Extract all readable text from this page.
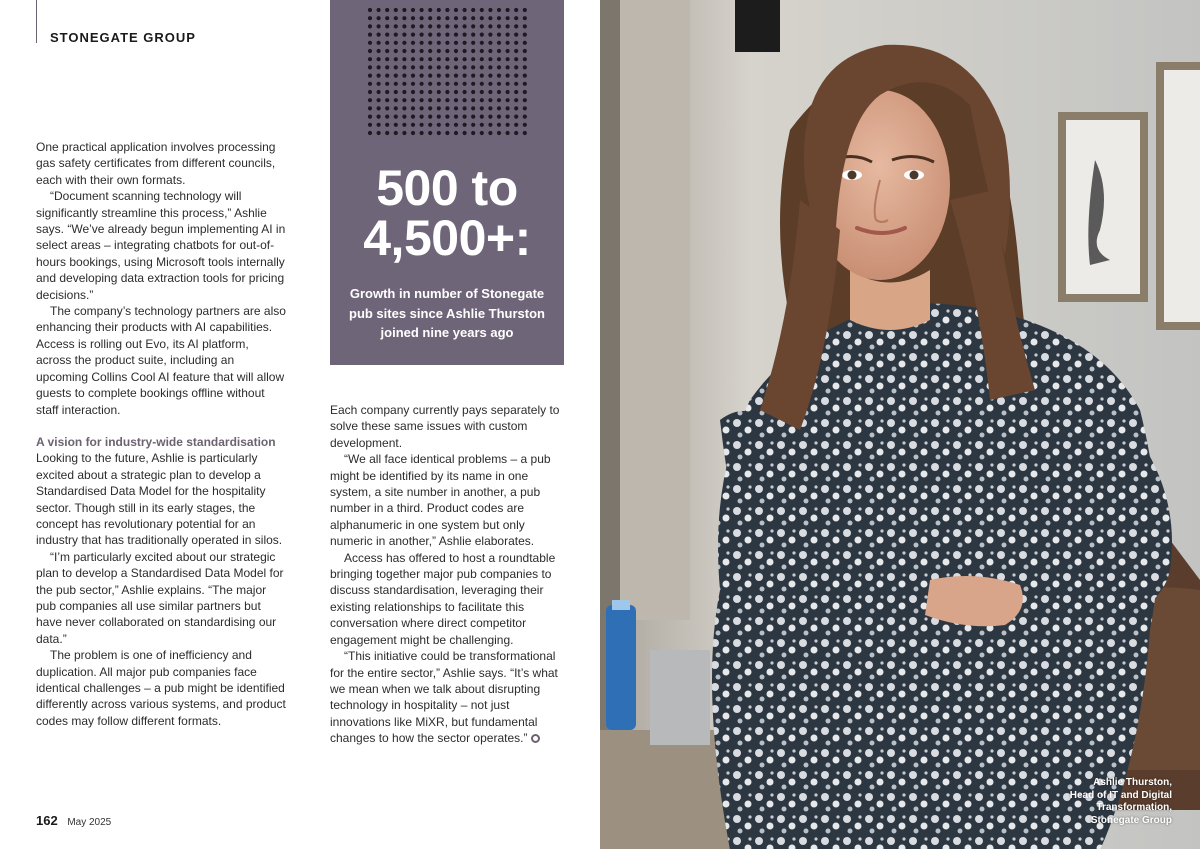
STONEGATE GROUP

One practical application involves processing gas safety certificates from different councils, each with their own formats.

“Document scanning technology will significantly streamline this process,” Ashlie says. “We’ve already begun implementing AI in select areas – integrating chatbots for out-of-hours bookings, using Microsoft tools internally and developing data extraction tools for pricing decisions.”

The company’s technology partners are also enhancing their products with AI capabilities. Access is rolling out Evo, its AI platform, across the product suite, including an upcoming Collins Cool AI feature that will allow guests to complete bookings offline without staff interaction.

A vision for industry-wide standardisation

Looking to the future, Ashlie is particularly excited about a strategic plan to develop a Standardised Data Model for the hospitality sector. Though still in its early stages, the concept has revolutionary potential for an industry that has traditionally operated in silos.

“I’m particularly excited about our strategic plan to develop a Standardised Data Model for the pub sector,” Ashlie explains. “The major pub companies all use similar partners but have never collaborated on standardising our data.”

The problem is one of inefficiency and duplication. All major pub companies face identical challenges – a pub might be identified differently across various systems, and product codes may follow different formats.

500 to 4,500+:
Growth in number of Stonegate pub sites since Ashlie Thurston joined nine years ago

Each company currently pays separately to solve these same issues with custom development.

“We all face identical problems – a pub might be identified by its name in one system, a site number in another, a pub number in a third. Product codes are alphanumeric in one system but only numeric in another,” Ashlie elaborates.

Access has offered to host a roundtable bringing together major pub companies to discuss standardisation, leveraging their existing relationships to facilitate this conversation where direct competitor engagement might be challenging.

“This initiative could be transformational for the entire sector,” Ashlie says. “It’s what we mean when we talk about disrupting technology in hospitality – not just innovations like MiXR, but fundamental changes to how the sector operates.”

Ashlie Thurston,
Head of IT and Digital
Transformation,
Stonegate Group
162 May 2025
